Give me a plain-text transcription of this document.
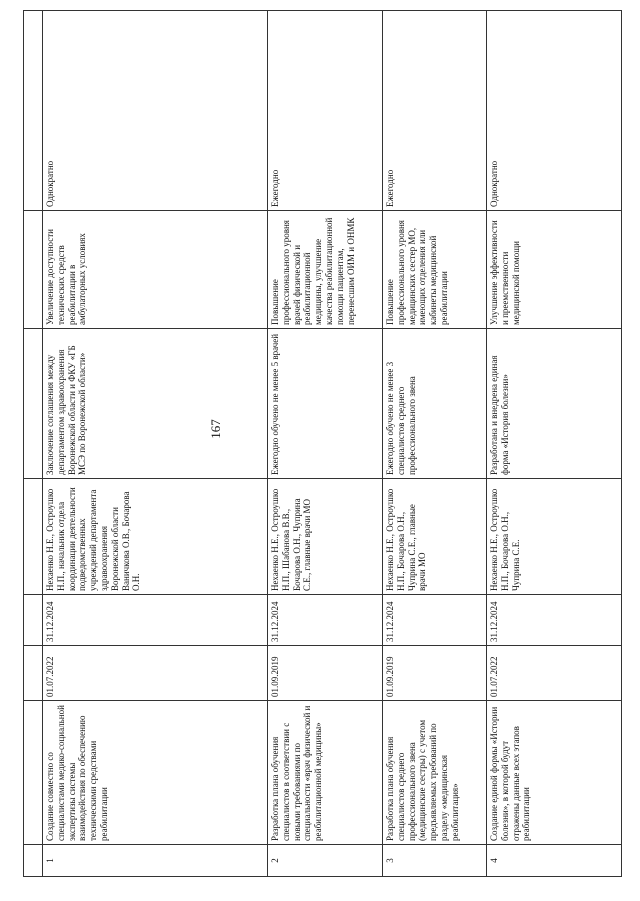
167

1	Создание совместно со специалистами медико-социальной экспертизы системы взаимодействия по обеспечению техническими средствами реабилитации	01.07.2022	31.12.2024	Нехаенко Н.Е., Остроушко Н.П., начальник отдела координации деятельности подведомственных учреждений департамента здравоохранения Воронежской области Ваничкова О.В., Бочарова О.Н.	Заключение соглашения между департаментом здравоохранения Воронежской области и ФКУ «ГБ МСЭ по Воронежской области»	Увеличение доступности технических средств реабилитации в амбулаторных условиях	Однократно
2	Разработка плана обучения специалистов в соответствии с новыми требованиями по специальности «врач физической и реабилитационной медицины»	01.09.2019	31.12.2024	Нехаенко Н.Е., Остроушко Н.П., Шабанова В.В., Бочарова О.Н., Чуприна С.Е., главные врачи МО	Ежегодно обучено не менее 5 врачей	Повышение профессионального уровня врачей физической и реабилитационной медицины, улучшение качества реабилитационной помощи пациентам, перенесшим ОИМ и ОНМК	Ежегодно
3	Разработка плана обучения специалистов среднего профессионального звена (медицинские сестры) с учетом предъявляемых требований по разделу «медицинская реабилитация»	01.09.2019	31.12.2024	Нехаенко Н.Е., Остроушко Н.П., Бочарова О.Н., Чуприна С.Е., главные врачи МО	Ежегодно обучено не менее 3 специалистов среднего профессионального звена	Повышение профессионального уровня медицинских сестер МО, имеющих отделения или кабинеты медицинской реабилитации	Ежегодно
4	Создание единой формы «Истории болезни», в которой будут отражены данные всех этапов реабилитации	01.07.2022	31.12.2024	Нехаенко Н.Е., Остроушко Н.П., Бочарова О.Н., Чуприна С.Е.	Разработана и внедрена единая форма «История болезни»	Улучшение эффективности и преемственности медицинской помощи	Однократно
